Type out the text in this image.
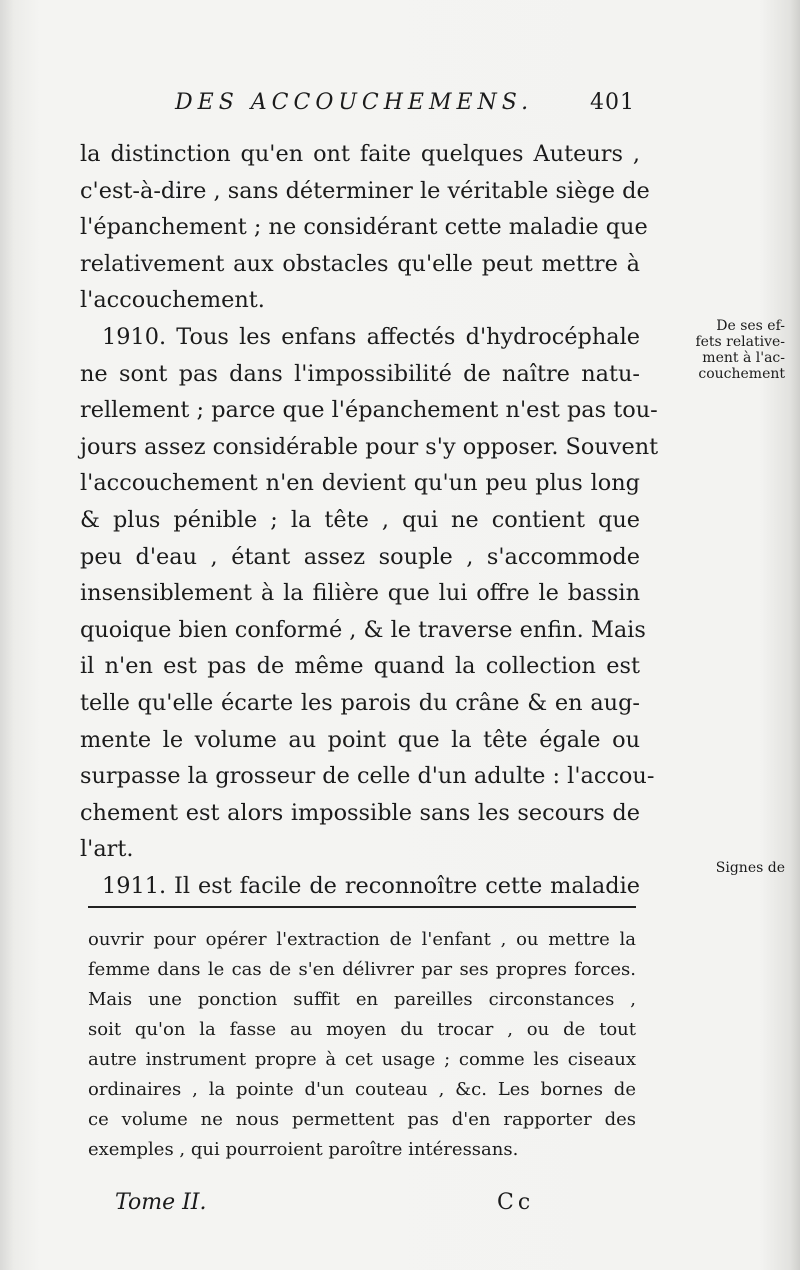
DES ACCOUCHEMENS.	401
la distinction qu'en ont faite quelques Auteurs ,
c'est-à-dire , sans déterminer le véritable siège de
l'épanchement ; ne considérant cette maladie que
relativement aux obstacles qu'elle peut mettre à
l'accouchement.
1910. Tous les enfans affectés d'hydrocéphale
ne sont pas dans l'impossibilité de naître natu-
rellement ; parce que l'épanchement n'est pas tou-
jours assez considérable pour s'y opposer. Souvent
l'accouchement n'en devient qu'un peu plus long
& plus pénible ; la tête , qui ne contient que
peu d'eau , étant assez souple , s'accommode
insensiblement à la filière que lui offre le bassin
quoique bien conformé , & le traverse enfin. Mais
il n'en est pas de même quand la collection est
telle qu'elle écarte les parois du crâne & en aug-
mente le volume au point que la tête égale ou
surpasse la grosseur de celle d'un adulte : l'accou-
chement est alors impossible sans les secours de
l'art.
1911. Il est facile de reconnoître cette maladie
De ses ef-
fets relative-
ment à l'ac-
couchement
Signes de
ouvrir pour opérer l'extraction de l'enfant , ou mettre la
femme dans le cas de s'en délivrer par ses propres forces.
Mais une ponction suffit en pareilles circonstances ,
soit qu'on la fasse au moyen du trocar , ou de tout
autre instrument propre à cet usage ; comme les ciseaux
ordinaires , la pointe d'un couteau , &c. Les bornes de
ce volume ne nous permettent pas d'en rapporter des
exemples , qui pourroient paroître intéressans.
Tome II.	Cc
